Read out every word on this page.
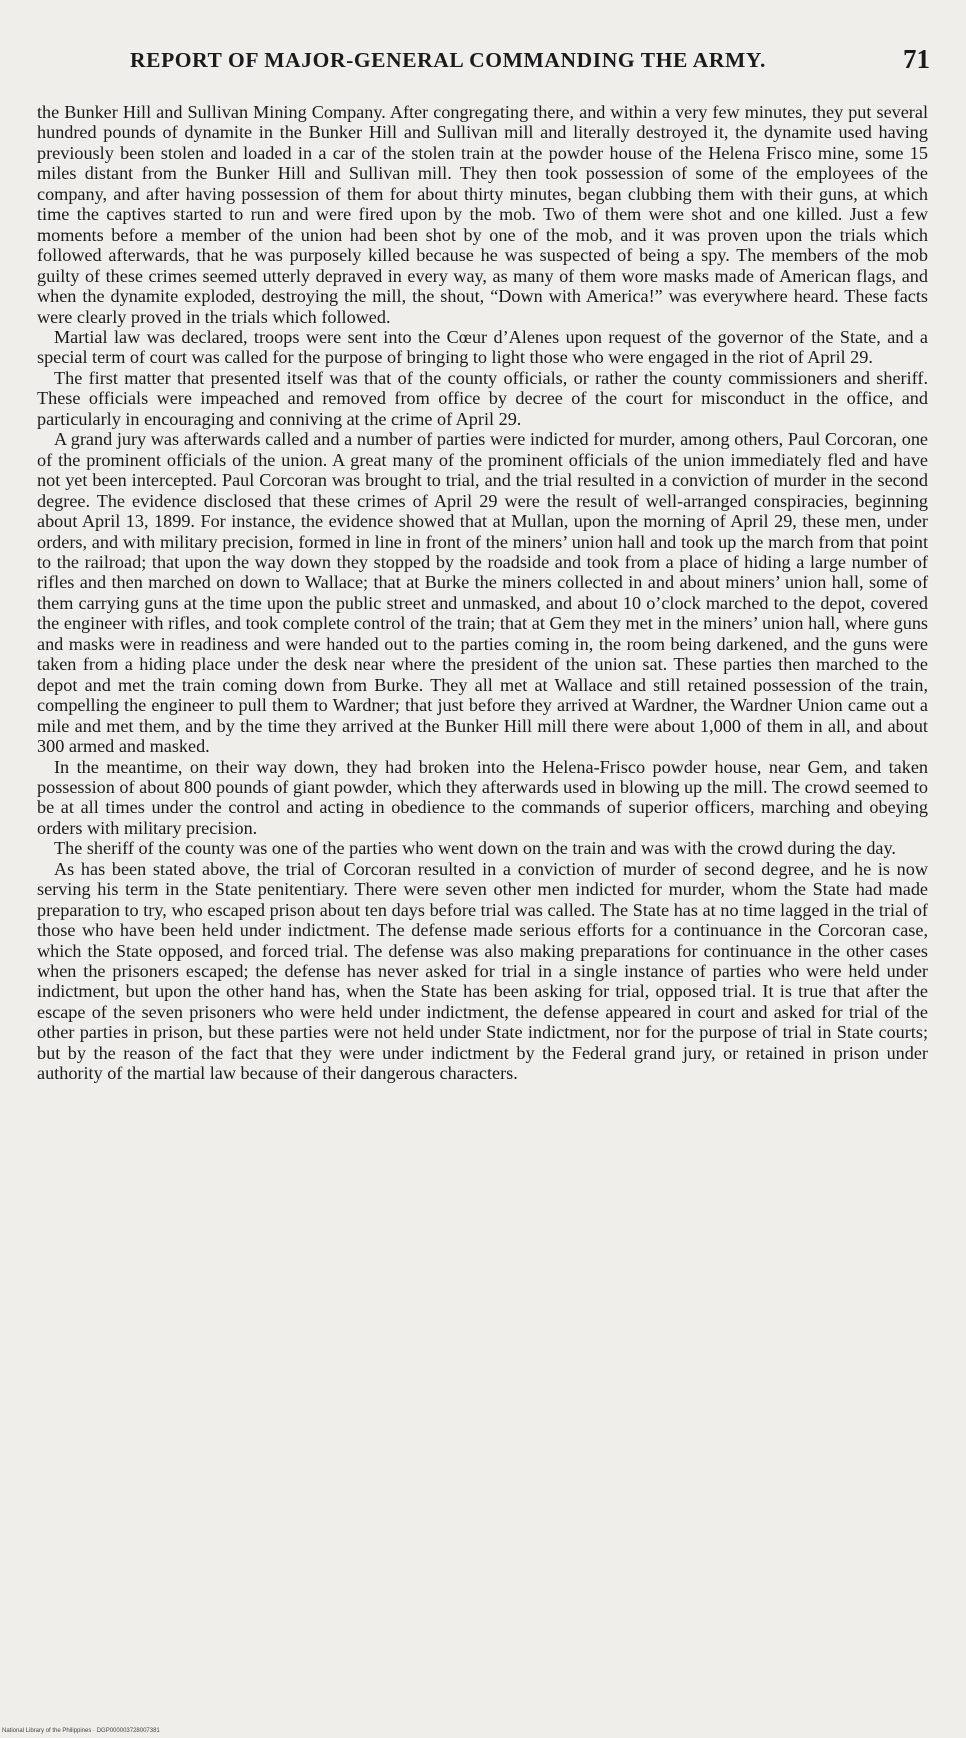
REPORT OF MAJOR-GENERAL COMMANDING THE ARMY.	71

the Bunker Hill and Sullivan Mining Company. After congregating there, and within a very few minutes, they put several hundred pounds of dynamite in the Bunker Hill and Sullivan mill and literally destroyed it, the dynamite used having previously been stolen and loaded in a car of the stolen train at the powder house of the Helena Frisco mine, some 15 miles distant from the Bunker Hill and Sullivan mill. They then took possession of some of the employees of the company, and after having possession of them for about thirty minutes, began clubbing them with their guns, at which time the captives started to run and were fired upon by the mob. Two of them were shot and one killed. Just a few moments before a member of the union had been shot by one of the mob, and it was proven upon the trials which followed afterwards, that he was purposely killed because he was suspected of being a spy. The members of the mob guilty of these crimes seemed utterly depraved in every way, as many of them wore masks made of American flags, and when the dynamite exploded, destroying the mill, the shout, “Down with America!” was everywhere heard. These facts were clearly proved in the trials which followed.

Martial law was declared, troops were sent into the Cœur d’Alenes upon request of the governor of the State, and a special term of court was called for the purpose of bringing to light those who were engaged in the riot of April 29.

The first matter that presented itself was that of the county officials, or rather the county commissioners and sheriff. These officials were impeached and removed from office by decree of the court for misconduct in the office, and particularly in encouraging and conniving at the crime of April 29.

A grand jury was afterwards called and a number of parties were indicted for murder, among others, Paul Corcoran, one of the prominent officials of the union. A great many of the prominent officials of the union immediately fled and have not yet been intercepted. Paul Corcoran was brought to trial, and the trial resulted in a conviction of murder in the second degree. The evidence disclosed that these crimes of April 29 were the result of well-arranged conspiracies, beginning about April 13, 1899. For instance, the evidence showed that at Mullan, upon the morning of April 29, these men, under orders, and with military precision, formed in line in front of the miners’ union hall and took up the march from that point to the railroad; that upon the way down they stopped by the roadside and took from a place of hiding a large number of rifles and then marched on down to Wallace; that at Burke the miners collected in and about miners’ union hall, some of them carrying guns at the time upon the public street and unmasked, and about 10 o’clock marched to the depot, covered the engineer with rifles, and took complete control of the train; that at Gem they met in the miners’ union hall, where guns and masks were in readiness and were handed out to the parties coming in, the room being darkened, and the guns were taken from a hiding place under the desk near where the president of the union sat. These parties then marched to the depot and met the train coming down from Burke. They all met at Wallace and still retained possession of the train, compelling the engineer to pull them to Wardner; that just before they arrived at Wardner, the Wardner Union came out a mile and met them, and by the time they arrived at the Bunker Hill mill there were about 1,000 of them in all, and about 300 armed and masked.

In the meantime, on their way down, they had broken into the Helena-Frisco powder house, near Gem, and taken possession of about 800 pounds of giant powder, which they afterwards used in blowing up the mill. The crowd seemed to be at all times under the control and acting in obedience to the commands of superior officers, marching and obeying orders with military precision.

The sheriff of the county was one of the parties who went down on the train and was with the crowd during the day.

As has been stated above, the trial of Corcoran resulted in a conviction of murder of second degree, and he is now serving his term in the State penitentiary. There were seven other men indicted for murder, whom the State had made preparation to try, who escaped prison about ten days before trial was called. The State has at no time lagged in the trial of those who have been held under indictment. The defense made serious efforts for a continuance in the Corcoran case, which the State opposed, and forced trial. The defense was also making preparations for continuance in the other cases when the prisoners escaped; the defense has never asked for trial in a single instance of parties who were held under indictment, but upon the other hand has, when the State has been asking for trial, opposed trial. It is true that after the escape of the seven prisoners who were held under indictment, the defense appeared in court and asked for trial of the other parties in prison, but these parties were not held under State indictment, nor for the purpose of trial in State courts; but by the reason of the fact that they were under indictment by the Federal grand jury, or retained in prison under authority of the martial law because of their dangerous characters.

National Library of the Philippines · DGP000003728007381
